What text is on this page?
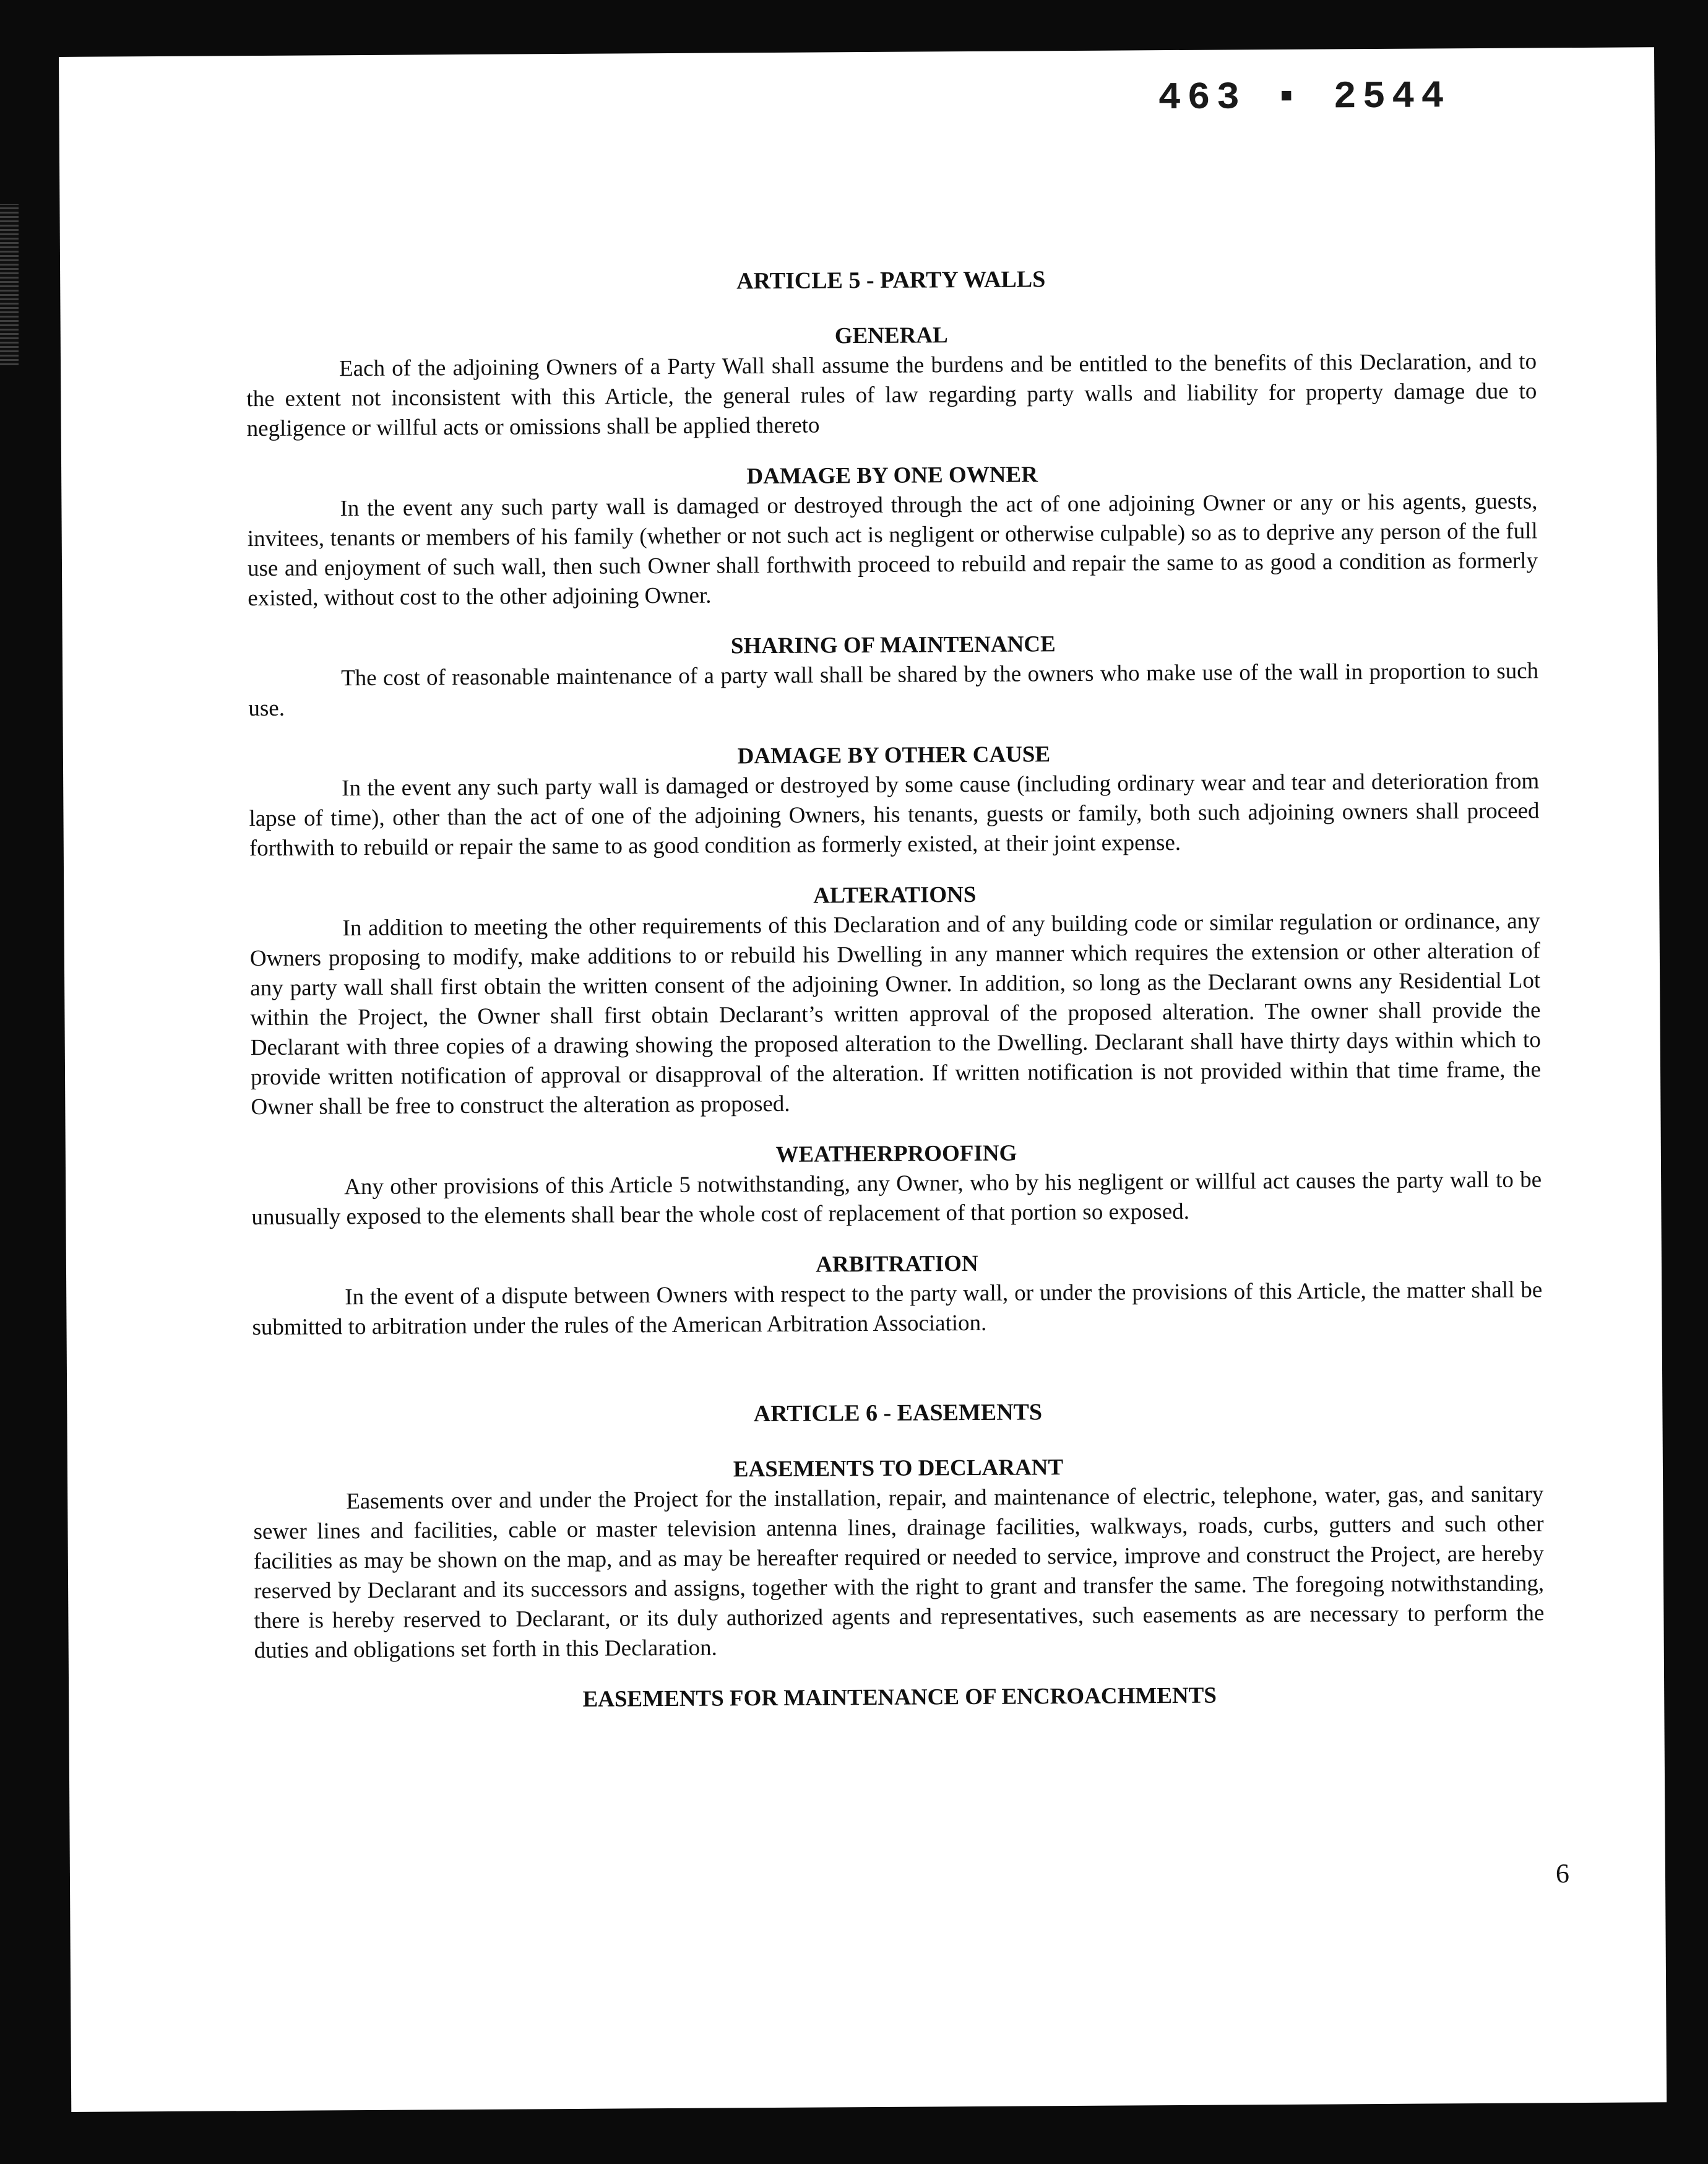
463 ▪ 2544
ARTICLE 5 - PARTY WALLS
GENERAL

Each of the adjoining Owners of a Party Wall shall assume the burdens and be entitled to the benefits of this Declaration, and to the extent not inconsistent with this Article, the general rules of law regarding party walls and liability for property damage due to negligence or willful acts or omissions shall be applied thereto

DAMAGE BY ONE OWNER

In the event any such party wall is damaged or destroyed through the act of one adjoining Owner or any or his agents, guests, invitees, tenants or members of his family (whether or not such act is negligent or otherwise culpable) so as to deprive any person of the full use and enjoyment of such wall, then such Owner shall forthwith proceed to rebuild and repair the same to as good a condition as formerly existed, without cost to the other adjoining Owner.

SHARING OF MAINTENANCE

The cost of reasonable maintenance of a party wall shall be shared by the owners who make use of the wall in proportion to such use.

DAMAGE BY OTHER CAUSE

In the event any such party wall is damaged or destroyed by some cause (including ordinary wear and tear and deterioration from lapse of time), other than the act of one of the adjoining Owners, his tenants, guests or family, both such adjoining owners shall proceed forthwith to rebuild or repair the same to as good condition as formerly existed, at their joint expense.

ALTERATIONS

In addition to meeting the other requirements of this Declaration and of any building code or similar regulation or ordinance, any Owners proposing to modify, make additions to or rebuild his Dwelling in any manner which requires the extension or other alteration of any party wall shall first obtain the written consent of the adjoining Owner. In addition, so long as the Declarant owns any Residential Lot within the Project, the Owner shall first obtain Declarant’s written approval of the proposed alteration. The owner shall provide the Declarant with three copies of a drawing showing the proposed alteration to the Dwelling. Declarant shall have thirty days within which to provide written notification of approval or disapproval of the alteration. If written notification is not provided within that time frame, the Owner shall be free to construct the alteration as proposed.

WEATHERPROOFING

Any other provisions of this Article 5 notwithstanding, any Owner, who by his negligent or willful act causes the party wall to be unusually exposed to the elements shall bear the whole cost of replacement of that portion so exposed.

ARBITRATION

In the event of a dispute between Owners with respect to the party wall, or under the provisions of this Article, the matter shall be submitted to arbitration under the rules of the American Arbitration Association.

ARTICLE 6 - EASEMENTS
EASEMENTS TO DECLARANT

Easements over and under the Project for the installation, repair, and maintenance of electric, telephone, water, gas, and sanitary sewer lines and facilities, cable or master television antenna lines, drainage facilities, walkways, roads, curbs, gutters and such other facilities as may be shown on the map, and as may be hereafter required or needed to service, improve and construct the Project, are hereby reserved by Declarant and its successors and assigns, together with the right to grant and transfer the same. The foregoing notwithstanding, there is hereby reserved to Declarant, or its duly authorized agents and representatives, such easements as are necessary to perform the duties and obligations set forth in this Declaration.

EASEMENTS FOR MAINTENANCE OF ENCROACHMENTS
6
